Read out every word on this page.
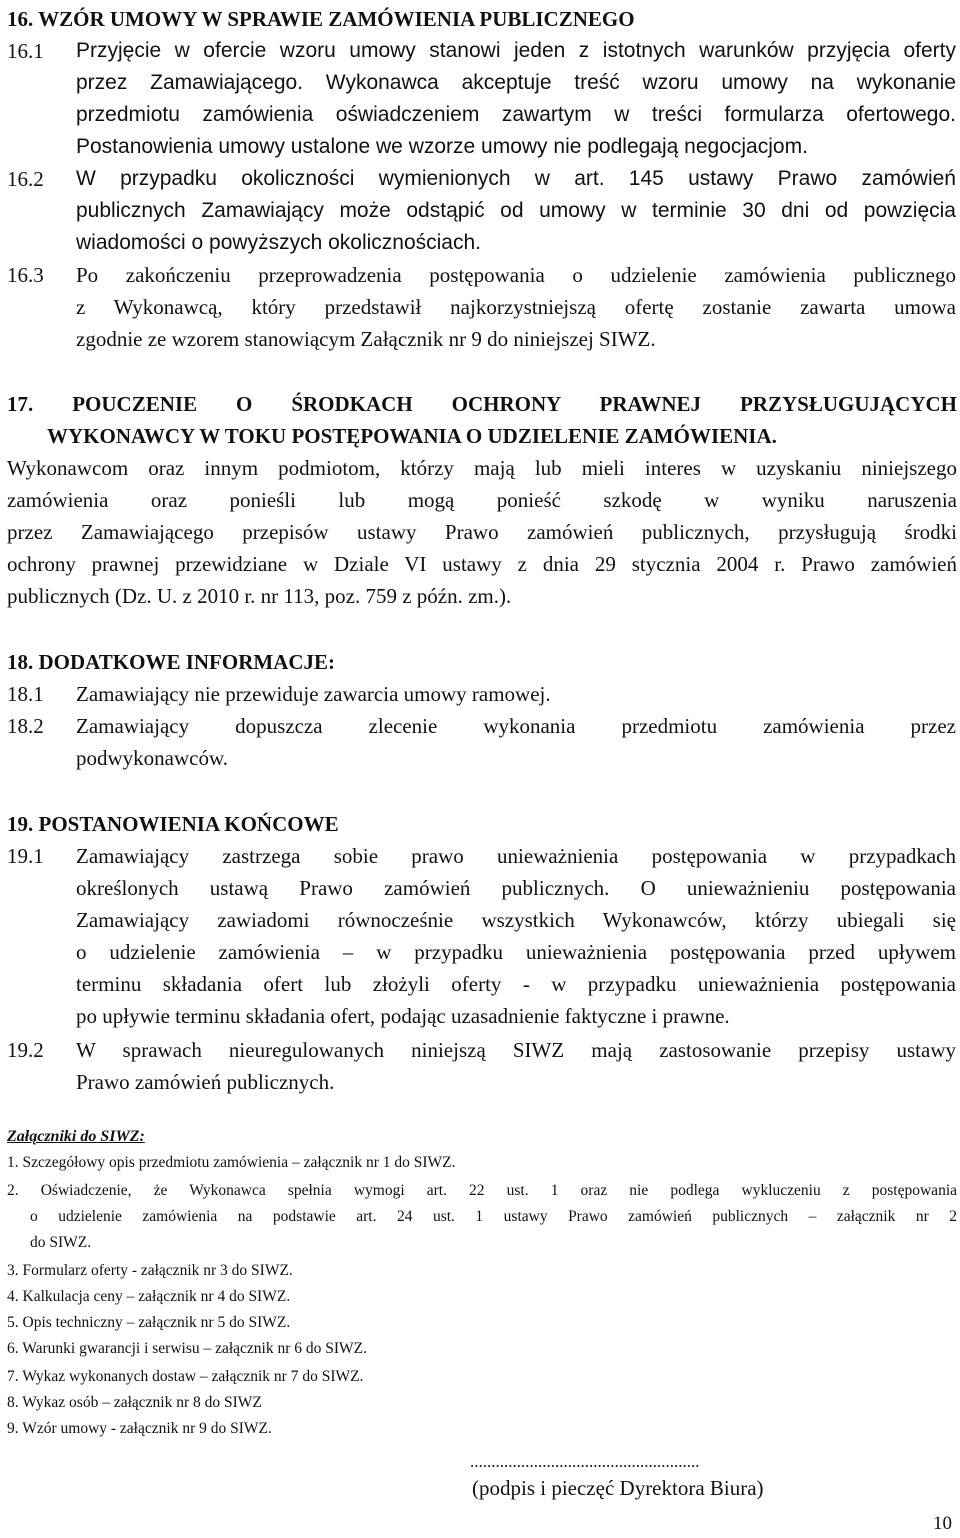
16. WZÓR UMOWY W SPRAWIE ZAMÓWIENIA PUBLICZNEGO
16.1 Przyjęcie w ofercie wzoru umowy stanowi jeden z istotnych warunków przyjęcia oferty
przez Zamawiającego. Wykonawca akceptuje treść wzoru umowy na wykonanie
przedmiotu zamówienia oświadczeniem zawartym w treści formularza ofertowego.
Postanowienia umowy ustalone we wzorze umowy nie podlegają negocjacjom.
16.2 W przypadku okoliczności wymienionych w art. 145 ustawy Prawo zamówień
publicznych Zamawiający może odstąpić od umowy w terminie 30 dni od powzięcia
wiadomości o powyższych okolicznościach.
16.3 Po zakończeniu przeprowadzenia postępowania o udzielenie zamówienia publicznego
z Wykonawcą, który przedstawił najkorzystniejszą ofertę zostanie zawarta umowa
zgodnie ze wzorem stanowiącym Załącznik nr 9 do niniejszej SIWZ.
17. POUCZENIE O ŚRODKACH OCHRONY PRAWNEJ PRZYSŁUGUJĄCYCH
WYKONAWCY W TOKU POSTĘPOWANIA O UDZIELENIE ZAMÓWIENIA.
Wykonawcom oraz innym podmiotom, którzy mają lub mieli interes w uzyskaniu niniejszego
zamówienia oraz ponieśli lub mogą ponieść szkodę w wyniku naruszenia
przez Zamawiającego przepisów ustawy Prawo zamówień publicznych, przysługują środki
ochrony prawnej przewidziane w Dziale VI ustawy z dnia 29 stycznia 2004 r. Prawo zamówień
publicznych (Dz. U. z 2010 r. nr 113, poz. 759 z późn. zm.).
18. DODATKOWE INFORMACJE:
18.1 Zamawiający nie przewiduje zawarcia umowy ramowej.
18.2 Zamawiający dopuszcza zlecenie wykonania przedmiotu zamówienia przez
podwykonawców.
19. POSTANOWIENIA KOŃCOWE
19.1 Zamawiający zastrzega sobie prawo unieważnienia postępowania w przypadkach
określonych ustawą Prawo zamówień publicznych. O unieważnieniu postępowania
Zamawiający zawiadomi równocześnie wszystkich Wykonawców, którzy ubiegali się
o udzielenie zamówienia – w przypadku unieważnienia postępowania przed upływem
terminu składania ofert lub złożyli oferty - w przypadku unieważnienia postępowania
po upływie terminu składania ofert, podając uzasadnienie faktyczne i prawne.
19.2 W sprawach nieuregulowanych niniejszą SIWZ mają zastosowanie przepisy ustawy
Prawo zamówień publicznych.
Załączniki do SIWZ:
1. Szczegółowy opis przedmiotu zamówienia – załącznik nr 1 do SIWZ.
2. Oświadczenie, że Wykonawca spełnia wymogi art. 22 ust. 1 oraz nie podlega wykluczeniu z postępowania
o udzielenie zamówienia na podstawie art. 24 ust. 1 ustawy Prawo zamówień publicznych – załącznik nr 2
do SIWZ.
3. Formularz oferty - załącznik nr 3 do SIWZ.
4. Kalkulacja ceny – załącznik nr 4 do SIWZ.
5. Opis techniczny – załącznik nr 5 do SIWZ.
6. Warunki gwarancji i serwisu – załącznik nr 6 do SIWZ.
7. Wykaz wykonanych dostaw – załącznik nr 7 do SIWZ.
8. Wykaz osób – załącznik nr 8 do SIWZ
9. Wzór umowy - załącznik nr 9 do SIWZ.
......................................................
(podpis i pieczęć Dyrektora Biura)
10
